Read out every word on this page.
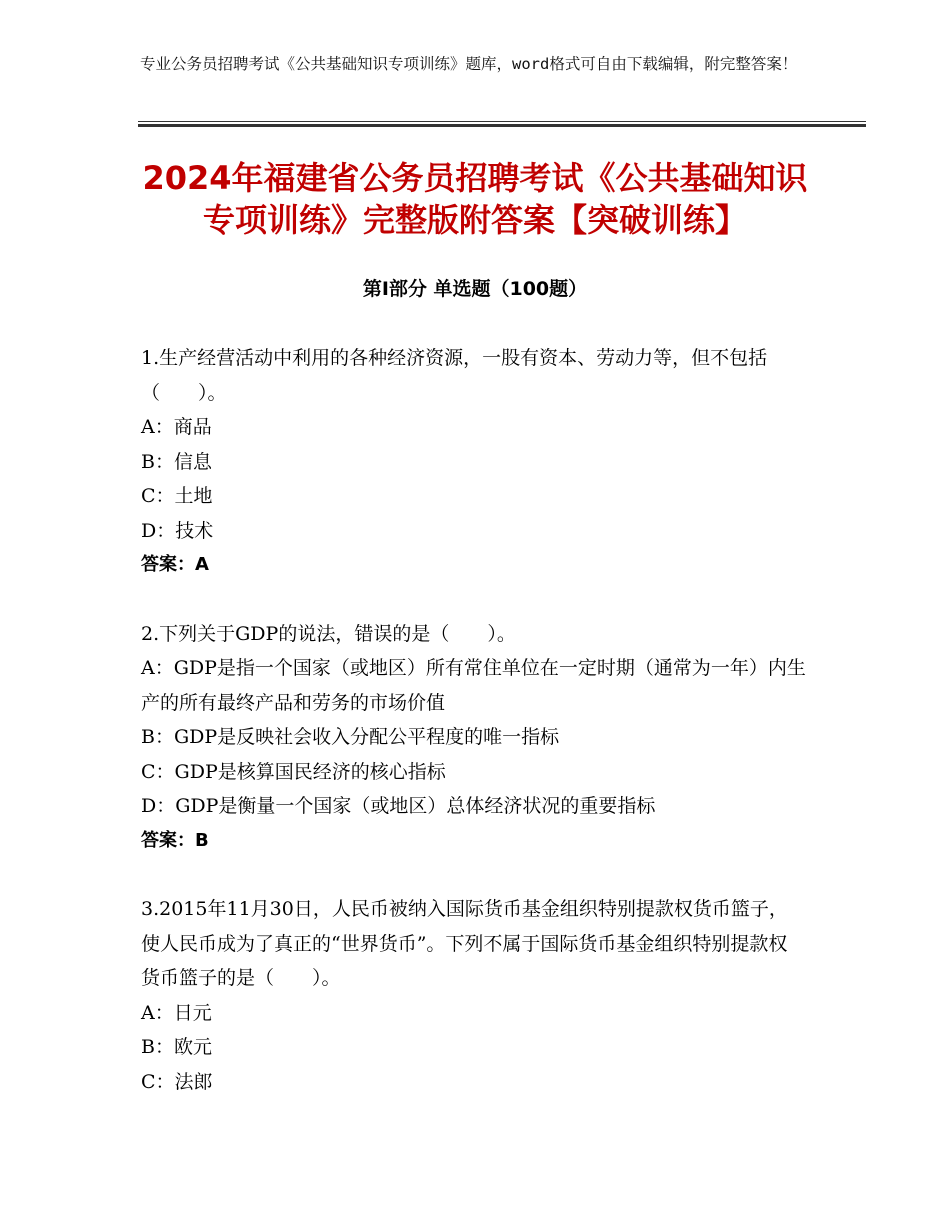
专业公务员招聘考试《公共基础知识专项训练》题库，word格式可自由下载编辑，附完整答案！
2024年福建省公务员招聘考试《公共基础知识专项训练》完整版附答案【突破训练】
第Ⅰ部分 单选题（100题）

1.生产经营活动中利用的各种经济资源，一股有资本、劳动力等，但不包括（　　）。

A：商品

B：信息

C：土地

D：技术

答案：A

2.下列关于GDP的说法，错误的是（　　）。

A：GDP是指一个国家（或地区）所有常住单位在一定时期（通常为一年）内生产的所有最终产品和劳务的市场价值

B：GDP是反映社会收入分配公平程度的唯一指标

C：GDP是核算国民经济的核心指标

D：GDP是衡量一个国家（或地区）总体经济状况的重要指标

答案：B

3.2015年11月30日，人民币被纳入国际货币基金组织特别提款权货币篮子，使人民币成为了真正的“世界货币”。下列不属于国际货币基金组织特别提款权货币篮子的是（　　）。

A：日元

B：欧元

C：法郎
